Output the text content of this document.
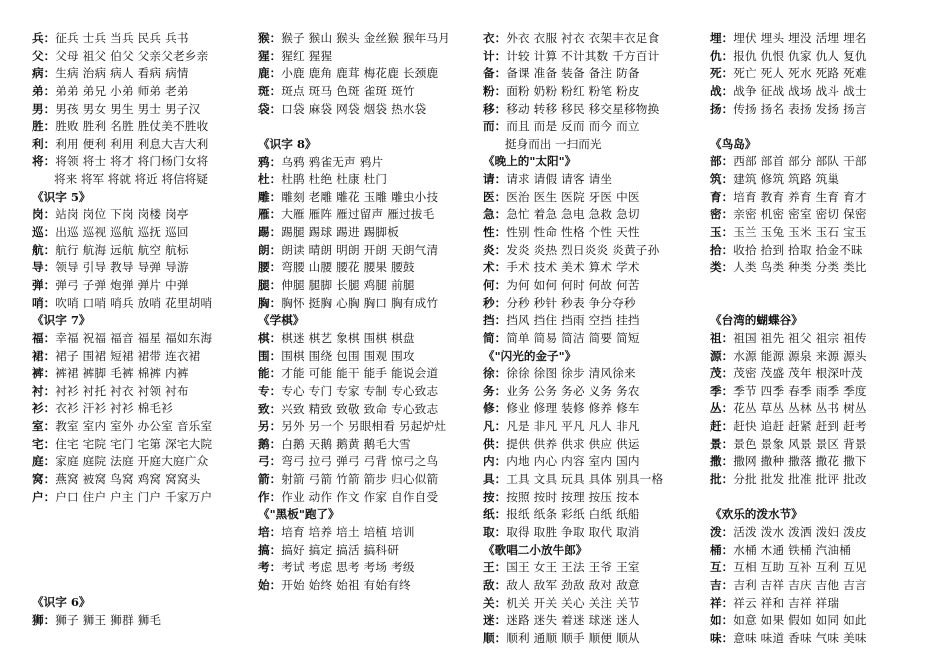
兵：征兵 士兵 当兵 民兵 兵书
父：父母 祖父 伯父 父亲父老乡亲
病：生病 治病 病人 看病 病情
弟：弟弟 弟兄 小弟 师弟 老弟
男：男孩 男女 男生 男士 男子汉
胜：胜败 胜利 名胜 胜仗美不胜收
利：利用 便利 利用 利息大吉大利
将：将领 将士 将才 将门杨门女将
将来 将军 将就 将近 将信将疑
《识字 5》
岗：站岗 岗位 下岗 岗楼 岗亭
巡：出巡 巡视 巡航 巡抚 巡回
航：航行 航海 远航 航空 航标
导：领导 引导 教导 导弹 导游
弹：弹弓 子弹 炮弹 弹片 中弹
哨：吹哨 口哨 哨兵 放哨 花里胡哨
《识字 7》
福：幸福 祝福 福音 福星 福如东海
裙：裙子 围裙 短裙 裙带 连衣裙
裤：裤裙 裤脚 毛裤 棉裤 内裤
衬：衬衫 衬托 衬衣 衬领 衬布
衫：衣衫 汗衫 衬衫 棉毛衫
室：教室 室内 室外 办公室 音乐室
宅：住宅 宅院 宅门 宅第 深宅大院
庭：家庭 庭院 法庭 开庭大庭广众
窝：燕窝 被窝 鸟窝 鸡窝 窝窝头
户：户口 住户 户主 门户 千家万户
《识字 6》
狮：狮子 狮王 狮群 狮毛
猴：猴子 猴山 猴头 金丝猴 猴年马月
猩：猩红 猩猩
鹿：小鹿 鹿角 鹿茸 梅花鹿 长颈鹿
斑：斑点 斑马 色斑 雀斑 斑竹
袋：口袋 麻袋 网袋 烟袋 热水袋
《识字 8》
鸦：乌鸦 鸦雀无声 鸦片
杜：杜鹃 杜绝 杜康 杜门
雕：雕刻 老雕 雕花 玉雕 雕虫小技
雁：大雁 雁阵 雁过留声 雁过拔毛
踢：踢腿 踢球 踢进 踢脚板
朗：朗读 晴朗 明朗 开朗 天朗气清
腰：弯腰 山腰 腰花 腰果 腰鼓
腿：伸腿 腿脚 长腿 鸡腿 前腿
胸：胸怀 挺胸 心胸 胸口 胸有成竹
《学棋》
棋：棋迷 棋艺 象棋 围棋 棋盘
围：围棋 围绕 包围 围观 围攻
能：才能 可能 能干 能手 能说会道
专：专心 专门 专家 专制 专心致志
致：兴致 精致 致敬 致命 专心致志
另：另外 另一个 另眼相看 另起炉灶
鹅：白鹅 天鹅 鹅黄 鹅毛大雪
弓：弯弓 拉弓 弹弓 弓背 惊弓之鸟
箭：射箭 弓箭 竹箭 箭步 归心似箭
作：作业 动作 作文 作家 自作自受
《"黑板"跑了》
培：培育 培养 培土 培植 培训
搞：搞好 搞定 搞活 搞科研
考：考试 考虑 思考 考场 考级
始：开始 始终 始祖 有始有终
衣：外衣 衣服 衬衣 衣架丰衣足食
计：计较 计算 不计其数 千方百计
备：备课 准备 装备 备注 防备
粉：面粉 奶粉 粉红 粉笔 粉皮
移：移动 转移 移民 移交星移物换
而：而且 而是 反而 而今 而立
挺身而出 一扫而光
《晚上的"太阳"》
请：请求 请假 请客 请坐
医：医治 医生 医院 牙医 中医
急：急忙 着急 急电 急救 急切
性：性别 性命 性格 个性 天性
炎：发炎 炎热 烈日炎炎 炎黄子孙
术：手术 技术 美术 算术 学术
何：为何 如何 何时 何故 何苦
秒：分秒 秒针 秒表 争分夺秒
挡：挡风 挡住 挡雨 空挡 挂挡
简：简单 简易 简洁 简要 简短
《"闪光的金子"》
徐：徐徐 徐图 徐步 清风徐来
务：业务 公务 务必 义务 务农
修：修业 修理 装修 修养 修车
凡：凡是 非凡 平凡 凡人 非凡
供：提供 供养 供求 供应 供运
内：内地 内心 内容 室内 国内
具：工具 文具 玩具 具体 别具一格
按：按照 按时 按理 按压 按本
纸：报纸 纸条 彩纸 白纸 纸船
取：取得 取胜 争取 取代 取消
《歌唱二小放牛郎》
王：国王 女王 王法 王爷 王室
敌：敌人 敌军 劲敌 敌对 敌意
关：机关 开关 关心 关注 关节
迷：迷路 迷失 着迷 球迷 迷人
顺：顺利 通顺 顺手 顺便 顺从
埋：埋伏 埋头 埋没 活埋 埋名
仇：报仇 仇恨 仇家 仇人 复仇
死：死亡 死人 死水 死路 死难
战：战争 征战 战场 战斗 战士
扬：传扬 扬名 表扬 发扬 扬言
《鸟岛》
部：西部 部首 部分 部队 干部
筑：建筑 修筑 筑路 筑巢
育：培育 教育 养育 生育 育才
密：亲密 机密 密室 密切 保密
玉：玉兰 玉兔 玉米 玉石 宝玉
拾：收拾 拾到 拾取 拾金不昧
类：人类 鸟类 种类 分类 类比
《台湾的蝴蝶谷》
祖：祖国 祖先 祖父 祖宗 祖传
源：水源 能源 源泉 来源 源头
茂：茂密 茂盛 茂年 根深叶茂
季：季节 四季 春季 雨季 季度
丛：花丛 草丛 丛林 丛书 树丛
赶：赶快 追赶 赶紧 赶到 赶考
景：景色 景象 风景 景区 背景
撒：撒网 撒种 撒落 撒花 撒下
批：分批 批发 批准 批评 批改
《欢乐的泼水节》
泼：活泼 泼水 泼洒 泼妇 泼皮
桶：水桶 木通 铁桶 汽油桶
互：互相 互助 互补 互利 互见
吉：吉利 吉祥 吉庆 吉他 吉言
祥：祥云 祥和 吉祥 祥瑞
如：如意 如果 假如 如同 如此
味：意味 味道 香味 气味 美味
